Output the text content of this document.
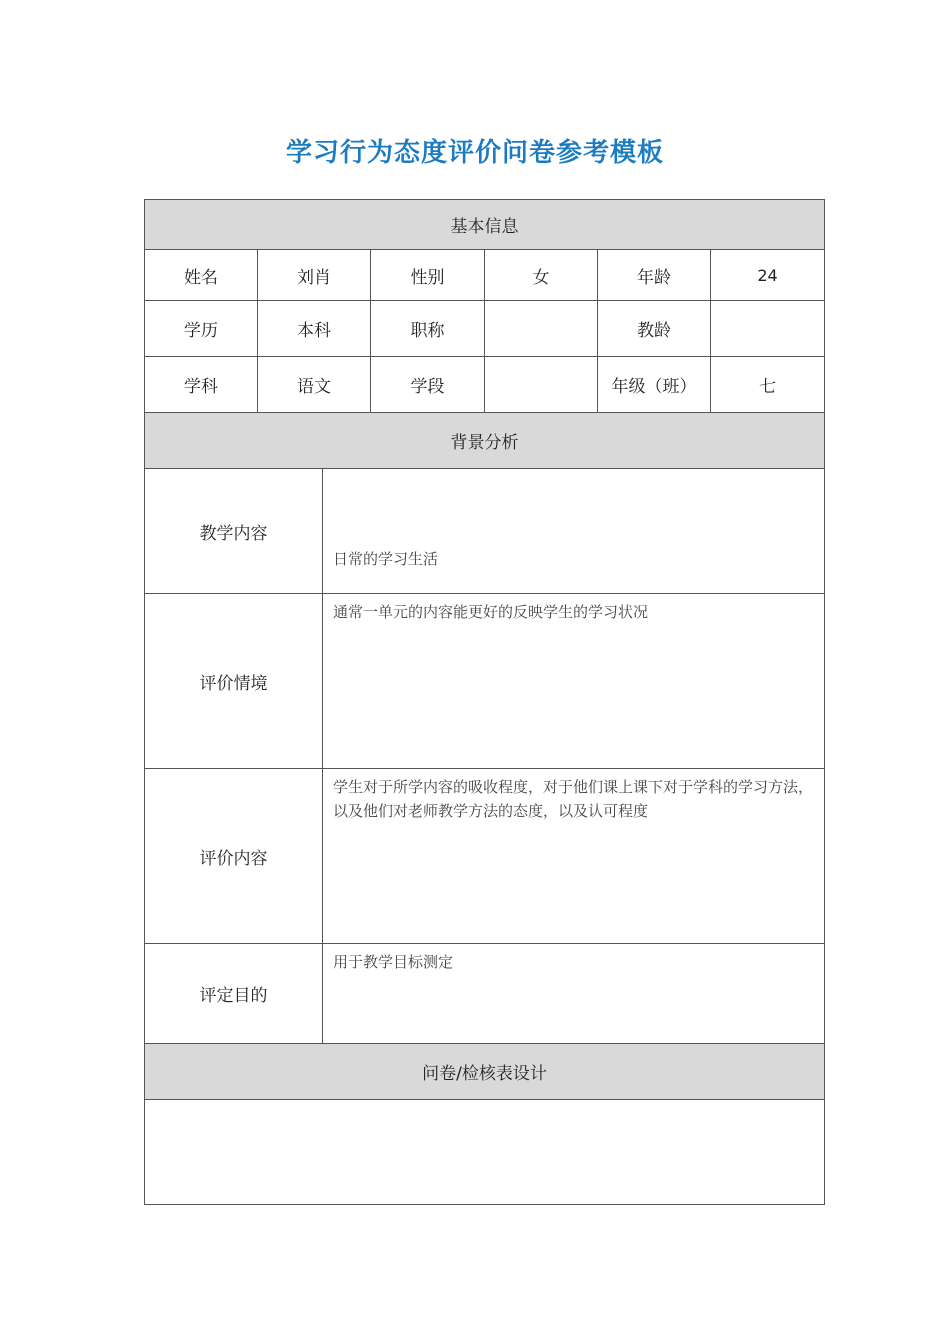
学习行为态度评价问卷参考模板
基本信息						
姓名	刘肖		性别	女	年龄	24
学历	本科		职称		教龄	
学科	语文		学段		年级（班）	七
背景分析						
教学内容		日常的学习生活				
评价情境		通常一单元的内容能更好的反映学生的学习状况				
评价内容		学生对于所学内容的吸收程度，对于他们课上课下对于学科的学习方法，以及他们对老师教学方法的态度，以及认可程度				
评定目的		用于教学目标测定				
问卷/检核表设计						
